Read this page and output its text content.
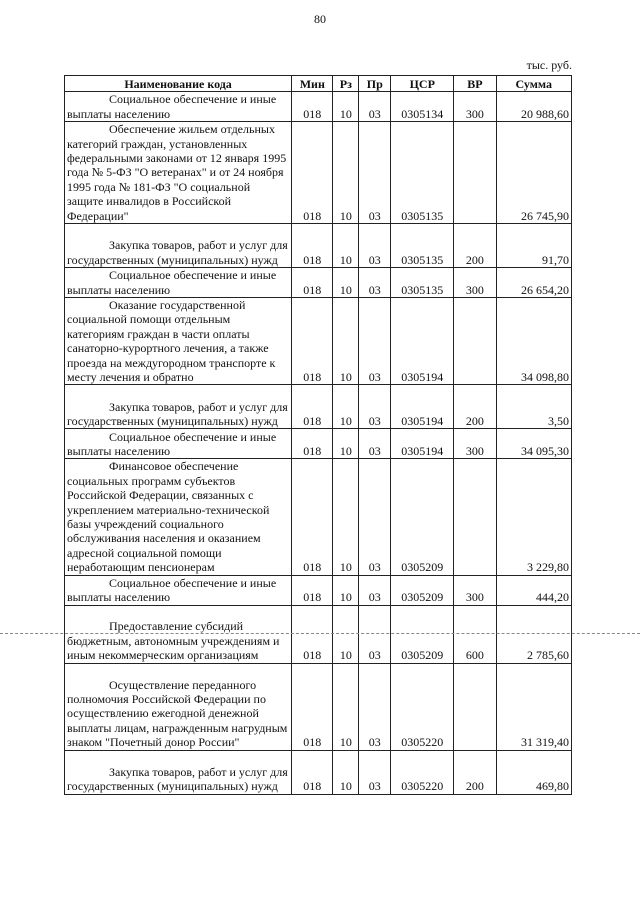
80
тыс. руб.
Наименование кода	Мин	Рз	Пр	ЦСР	ВР	Сумма
Социальное обеспечение и иные выплаты населению	018	10	03	0305134	300	20 988,60
Обеспечение жильем отдельных категорий граждан, установленных федеральными законами от 12 января 1995 года № 5-ФЗ "О ветеранах" и от 24 ноября 1995 года № 181-ФЗ "О социальной защите инвалидов в Российской Федерации"	018	10	03	0305135		26 745,90
Закупка товаров, работ и услуг для государственных (муниципальных) нужд	018	10	03	0305135	200	91,70
Социальное обеспечение и иные выплаты населению	018	10	03	0305135	300	26 654,20
Оказание государственной социальной помощи отдельным категориям граждан в части оплаты санаторно-курортного лечения, а также проезда на междугородном транспорте к месту лечения и обратно	018	10	03	0305194		34 098,80
Закупка товаров, работ и услуг для государственных (муниципальных) нужд	018	10	03	0305194	200	3,50
Социальное обеспечение и иные выплаты населению	018	10	03	0305194	300	34 095,30
Финансовое обеспечение социальных программ субъектов Российской Федерации, связанных с укреплением материально-технической базы учреждений социального обслуживания населения и оказанием адресной социальной помощи неработающим пенсионерам	018	10	03	0305209		3 229,80
Социальное обеспечение и иные выплаты населению	018	10	03	0305209	300	444,20
Предоставление субсидий бюджетным, автономным учреждениям и иным некоммерческим организациям	018	10	03	0305209	600	2 785,60
Осуществление переданного полномочия Российской Федерации по осуществлению ежегодной денежной выплаты лицам, награжденным нагрудным знаком "Почетный донор России"	018	10	03	0305220		31 319,40
Закупка товаров, работ и услуг для государственных (муниципальных) нужд	018	10	03	0305220	200	469,80
